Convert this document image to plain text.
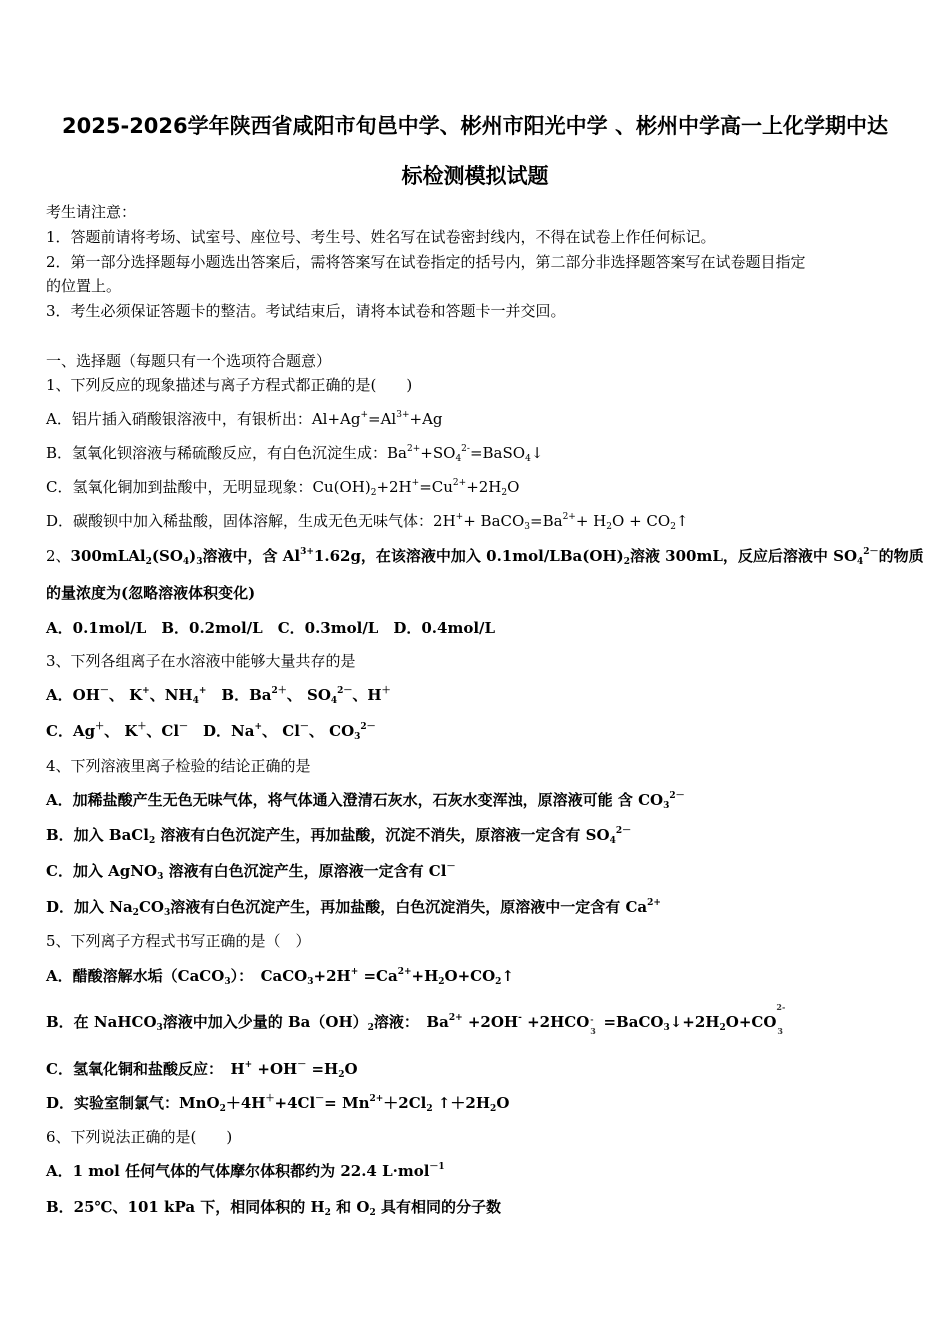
2025-2026学年陕西省咸阳市旬邑中学、彬州市阳光中学 、彬州中学高一上化学期中达
标检测模拟试题
考生请注意：
1．答题前请将考场、试室号、座位号、考生号、姓名写在试卷密封线内，不得在试卷上作任何标记。
2．第一部分选择题每小题选出答案后，需将答案写在试卷指定的括号内，第二部分非选择题答案写在试卷题目指定
的位置上。
3．考生必须保证答题卡的整洁。考试结束后，请将本试卷和答题卡一并交回。
一、选择题（每题只有一个选项符合题意）
1、下列反应的现象描述与离子方程式都正确的是(　　)
A．铝片插入硝酸银溶液中，有银析出：$Al+Ag^+=Al^{3+}+Ag$
B．氢氧化钡溶液与稀硫酸反应，有白色沉淀生成：$Ba^{2+}+SO_4^{2-}=BaSO_4↓$
C．氢氧化铜加到盐酸中，无明显现象：$Cu(OH)_2+2H^+=Cu^{2+}+2H_2O$
D．碳酸钡中加入稀盐酸，固体溶解，生成无色无味气体：$2H^++ BaCO_3=Ba^{2+}+ H_2O$ + $CO_2↑$
2、$300mLAl_2(SO_4)_3$溶液中，含 $Al^{3+}1.62g$，在该溶液中加入 $0.1mol/LBa(OH)_2$溶液 300mL，反应后溶液中 $SO_4^{2-}$的物质
的量浓度为(忽略溶液体积变化)
A．0.1mol/L　B．0.2mol/L　C．0.3mol/L　D．0.4mol/L
3、下列各组离子在水溶液中能够大量共存的是
A．OH－、 K+、$NH_4^+$　B．$Ba^{2+}$、 $SO_4^{2-}$、H＋
C．Ag＋、 K＋、Cl－　D．Na+、 Cl－、 $CO_3^{2-}$
4、下列溶液里离子检验的结论正确的是
A．加稀盐酸产生无色无味气体，将气体通入澄清石灰水，石灰水变浑浊，原溶液可能 含 $CO_3^{2-}$
B．加入 BaCl$_2$ 溶液有白色沉淀产生，再加盐酸，沉淀不消失，原溶液一定含有 $SO_4^{2-}$
C．加入 AgNO$_3$ 溶液有白色沉淀产生，原溶液一定含有 Cl－
D．加入 $Na_2CO_3$溶液有白色沉淀产生，再加盐酸，白色沉淀消失，原溶液中一定含有 $Ca^{2+}$
5、下列离子方程式书写正确的是（　）
A．醋酸溶解水垢（CaCO$_3$）：　CaCO$_3$+2H+ $=Ca^{2+}+H_2O+CO_2↑$
B．在 NaHCO$_3$溶液中加入少量的 $Ba(OH)_2$溶液：　$Ba^{2+} +2OH^- +2HCO$ -
$3 =BaCO_3↓+2H_2O+CO$
2-
3
C．氢氧化铜和盐酸反应：　$H^+ +OH^- =H_2O$
D．实验室制氯气：$MnO_2+4H^++4Cl^-= Mn^{2+}+2Cl_2$ $↑+2H_2O$
6、下列说法正确的是(　　)
A．1 mol 任何气体的气体摩尔体积都约为 22.4 L·mol$^{-1}$
B．25℃、101 kPa 下，相同体积的 $H_2$ 和 $O_2$ 具有相同的分子数
